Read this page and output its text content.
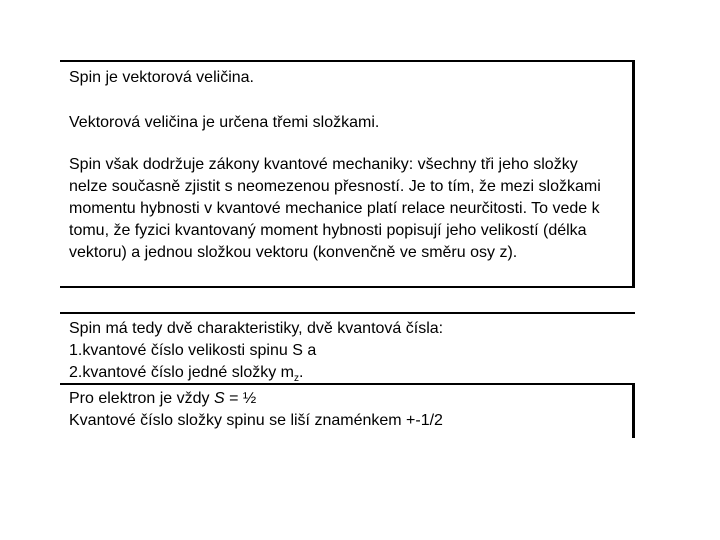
Spin je vektorová veličina.

Vektorová veličina je určena třemi složkami.

Spin však dodržuje zákony kvantové mechaniky: všechny tři jeho složky nelze současně zjistit s neomezenou přesností. Je to tím, že mezi složkami momentu hybnosti v kvantové mechanice platí relace neurčitosti. To vede k tomu, že fyzici kvantovaný moment hybnosti popisují jeho velikostí (délka vektoru) a jednou složkou vektoru (konvenčně ve směru osy z).

Spin má tedy dvě charakteristiky, dvě kvantová čísla:

1.kvantové číslo velikosti spinu S a

2.kvantové číslo jedné složky $m_z$.

Pro elektron je vždy S = ½

Kvantové číslo složky spinu se liší znaménkem +-1/2
